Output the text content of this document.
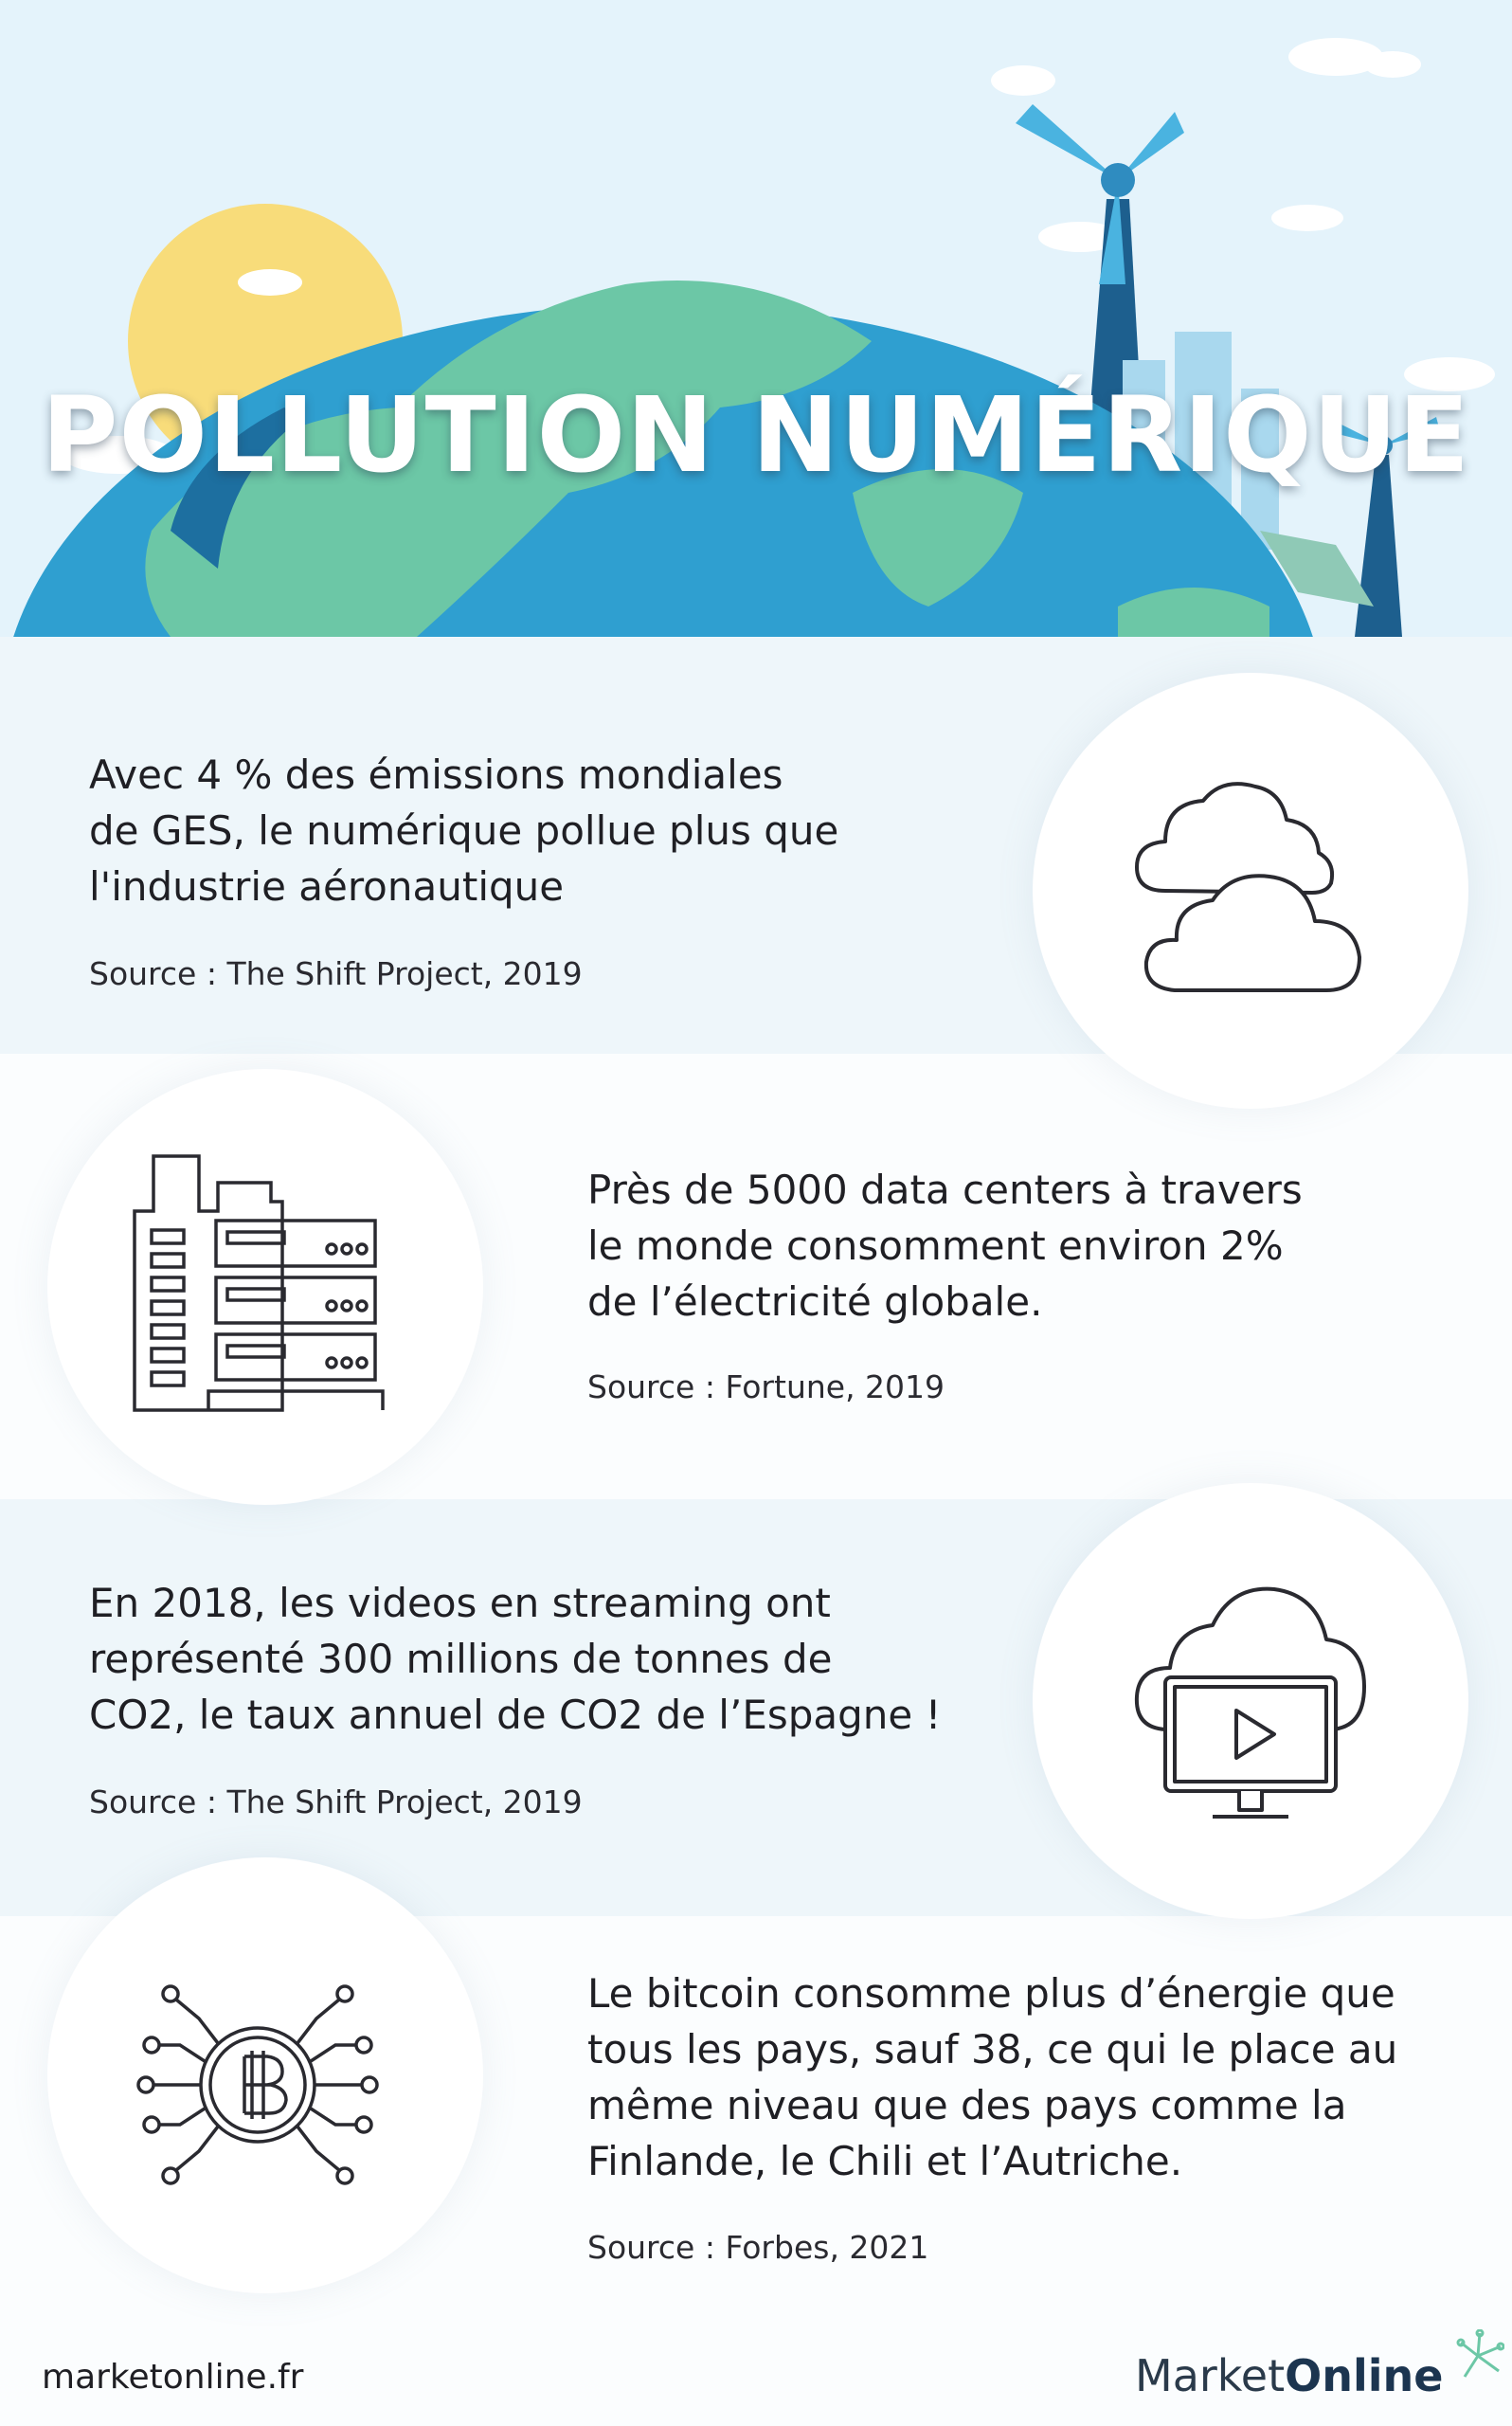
POLLUTION NUMÉRIQUE
Avec 4 % des émissions mondiales
de GES, le numérique pollue plus que
l'industrie aéronautique
Source : The Shift Project, 2019
Près de 5000 data centers à travers
le monde consomment environ 2%
de l’électricité globale.
Source : Fortune, 2019
En 2018, les videos en streaming ont
représenté 300 millions de tonnes de
CO2, le taux annuel de CO2 de l’Espagne !
Source : The Shift Project, 2019
Le bitcoin consomme plus d’énergie que
tous les pays, sauf 38, ce qui le place au
même niveau que des pays comme la
Finlande, le Chili et l’Autriche.
Source : Forbes, 2021
marketonline.fr	MarketOnline
